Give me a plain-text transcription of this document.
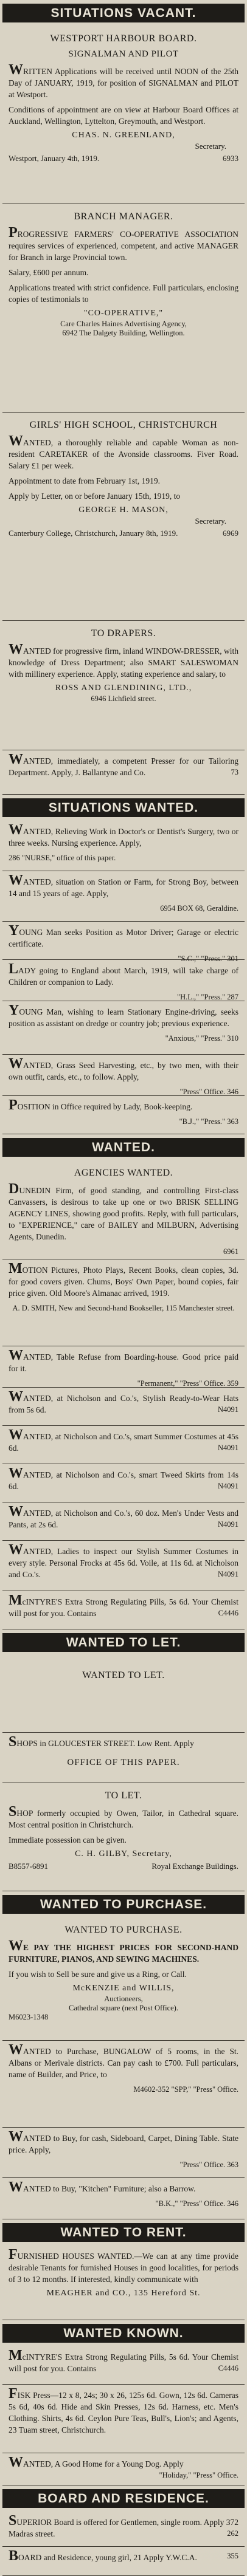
SITUATIONS VACANT.
WESTPORT HARBOUR BOARD.
SIGNALMAN AND PILOT

WRITTEN Applications will be received until NOON of the 25th Day of JANUARY, 1919, for position of SIGNALMAN and PILOT at Westport.

Conditions of appointment are on view at Harbour Board Offices at Auckland, Wellington, Lyttelton, Greymouth, and Westport.

CHAS. N. GREENLAND,
Secretary.
Westport, January 4th, 1919.	6933
BRANCH MANAGER.

PROGRESSIVE FARMERS' CO-OPERATIVE ASSOCIATION requires services of experienced, competent, and active MANAGER for Branch in large Provincial town.

Salary, £600 per annum.

Applications treated with strict confidence. Full particulars, enclosing copies of testimonials to

"CO-OPERATIVE,"
Care Charles Haines Advertising Agency,
6942 The Dalgety Building, Wellington.
GIRLS' HIGH SCHOOL, CHRISTCHURCH

WANTED, a thoroughly reliable and capable Woman as non-resident CARETAKER of the Avonside classrooms. Fiver Road. Salary £1 per week.

Appointment to date from February 1st, 1919.

Apply by Letter, on or before January 15th, 1919, to

GEORGE H. MASON,
Secretary.
Canterbury College, Christchurch, January 8th, 1919.	6969
TO DRAPERS.

WANTED for progressive firm, inland WINDOW-DRESSER, with knowledge of Dress Department; also SMART SALESWOMAN with millinery experience. Apply, stating experience and salary, to

ROSS AND GLENDINING, LTD.,
6946 Lichfield street.

WANTED, immediately, a competent Presser for our Tailoring Department. Apply, J. Ballantyne and Co.	73

SITUATIONS WANTED.

WANTED, Relieving Work in Doctor's or Dentist's Surgery, two or three weeks. Nursing experience. Apply,

286 "NURSE," office of this paper.

WANTED, situation on Station or Farm, for Strong Boy, between 14 and 15 years of age. Apply,

6954 BOX 68, Geraldine.

YOUNG Man seeks Position as Motor Driver; Garage or electric certificate.

"S.C.," "Press." 301

LADY going to England about March, 1919, will take charge of Children or companion to Lady.

"H.L.," "Press." 287

YOUNG Man, wishing to learn Stationary Engine-driving, seeks position as assistant on dredge or country job; previous experience.

"Anxious," "Press." 310

WANTED, Grass Seed Harvesting, etc., by two men, with their own outfit, cards, etc., to follow. Apply,

"Press" Office. 346

POSITION in Office required by Lady, Book-keeping.

"B.J.," "Press." 363

WANTED.
AGENCIES WANTED.

DUNEDIN Firm, of good standing, and controlling First-class Canvassers, is desirous to take up one or two BRISK SELLING AGENCY LINES, showing good profits. Reply, with full particulars, to "EXPERIENCE," care of BAILEY and MILBURN, Advertising Agents, Dunedin.

6961

MOTION Pictures, Photo Plays, Recent Books, clean copies, 3d. for good covers given. Chums, Boys' Own Paper, bound copies, fair price given. Old Moore's Almanac arrived, 1919.

A. D. SMITH, New and Second-hand Bookseller, 115 Manchester street.

WANTED, Table Refuse from Boarding-house. Good price paid for it.

"Permanent," "Press" Office. 359

WANTED, at Nicholson and Co.'s, Stylish Ready-to-Wear Hats from 5s 6d.	N4091

WANTED, at Nicholson and Co.'s, smart Summer Costumes at 45s 6d.	N4091

WANTED, at Nicholson and Co.'s, smart Tweed Skirts from 14s 6d.	N4091

WANTED, at Nicholson and Co.'s, 60 doz. Men's Under Vests and Pants, at 2s 6d.	N4091

WANTED, Ladies to inspect our Stylish Summer Costumes in every style. Personal Frocks at 45s 6d. Voile, at 11s 6d. at Nicholson and Co.'s.	N4091

McINTYRE'S Extra Strong Regulating Pills, 5s 6d. Your Chemist will post for you. Contains	C4446

WANTED TO LET.
WANTED TO LET.

SHOPS in GLOUCESTER STREET. Low Rent. Apply

OFFICE OF THIS PAPER.
TO LET.

SHOP formerly occupied by Owen, Tailor, in Cathedral square. Most central position in Christchurch.

Immediate possession can be given.

C. H. GILBY, Secretary,
B8557-6891	Royal Exchange Buildings.
WANTED TO PURCHASE.
WANTED TO PURCHASE.

WE PAY THE HIGHEST PRICES FOR SECOND-HAND FURNITURE, PIANOS, AND SEWING MACHINES.

If you wish to Sell be sure and give us a Ring, or Call.

McKENZIE and WILLIS,
Auctioneers,
Cathedral square (next Post Office).
M6023-1348

WANTED to Purchase, BUNGALOW of 5 rooms, in the St. Albans or Merivale districts. Can pay cash to £700. Full particulars, name of Builder, and Price, to

M4602-352 "SPP," "Press" Office.

WANTED to Buy, for cash, Sideboard, Carpet, Dining Table. State price. Apply,

"Press" Office. 363

WANTED to Buy, "Kitchen" Furniture; also a Barrow.

"B.K.," "Press" Office. 346

WANTED TO RENT.

FURNISHED HOUSES WANTED.—We can at any time provide desirable Tenants for furnished Houses in good localities, for periods of 3 to 12 months. If interested, kindly communicate with

MEAGHER and CO., 135 Hereford St.
WANTED KNOWN.

McINTYRE'S Extra Strong Regulating Pills, 5s 6d. Your Chemist will post for you. Contains	C4446

FISK Press—12 x 8, 24s; 30 x 26, 125s 6d. Gown, 12s 6d. Cameras 5s 6d, 40s 6d. Hide and Skin Presses, 12s 6d. Harness, etc. Men's Clothing. Shirts, 4s 6d. Ceylon Pure Teas, Bull's, Lion's; and Agents, 23 Tuam street, Christchurch.

WANTED, A Good Home for a Young Dog. Apply
"Holiday," "Press" Office.

BOARD AND RESIDENCE.

SUPERIOR Board is offered for Gentlemen, single room. Apply 372 Madras street.	262

BOARD and Residence, young girl, 21 Apply Y.W.C.A.	355
